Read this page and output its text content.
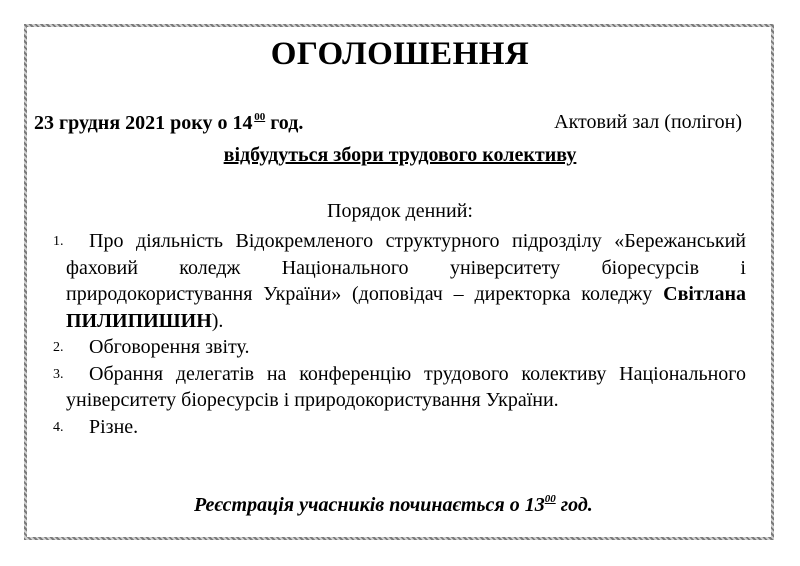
ОГОЛОШЕННЯ
23 грудня 2021 року о 14  $^{00}$ год.	Актовий зал (полігон)
відбудуться збори трудового колективу
Порядок денний:
1. Про діяльність Відокремленого структурного підрозділу «Бережанський фаховий коледж Національного університету біоресурсів і природокористування України» (доповідач – директорка коледжу Світлана ПИЛИПИШИН).
2. Обговорення звіту.
3. Обрання делегатів на конференцію трудового колективу Національного університету біоресурсів і природокористування України.
4. Різне.
Реєстрація учасників починається о $13^{00}$ год.
